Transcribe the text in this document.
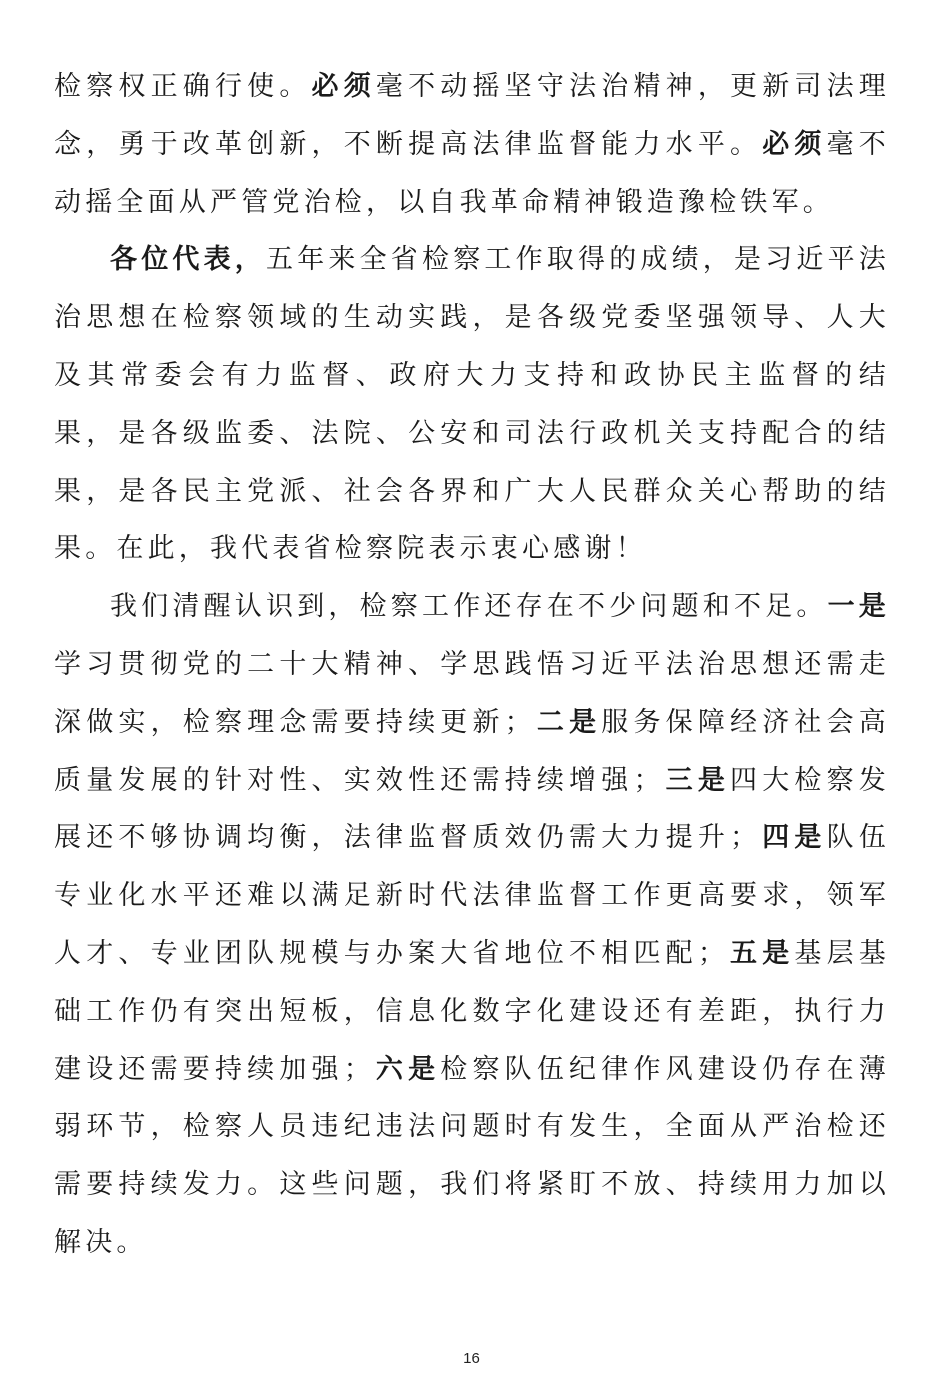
检察权正确行使。必须毫不动摇坚守法治精神，更新司法理念，勇于改革创新，不断提高法律监督能力水平。必须毫不动摇全面从严管党治检，以自我革命精神锻造豫检铁军。

各位代表，五年来全省检察工作取得的成绩，是习近平法治思想在检察领域的生动实践，是各级党委坚强领导、人大及其常委会有力监督、政府大力支持和政协民主监督的结果，是各级监委、法院、公安和司法行政机关支持配合的结果，是各民主党派、社会各界和广大人民群众关心帮助的结果。在此，我代表省检察院表示衷心感谢！

我们清醒认识到，检察工作还存在不少问题和不足。一是学习贯彻党的二十大精神、学思践悟习近平法治思想还需走深做实，检察理念需要持续更新；二是服务保障经济社会高质量发展的针对性、实效性还需持续增强；三是四大检察发展还不够协调均衡，法律监督质效仍需大力提升；四是队伍专业化水平还难以满足新时代法律监督工作更高要求，领军人才、专业团队规模与办案大省地位不相匹配；五是基层基础工作仍有突出短板，信息化数字化建设还有差距，执行力建设还需要持续加强；六是检察队伍纪律作风建设仍存在薄弱环节，检察人员违纪违法问题时有发生，全面从严治检还需要持续发力。这些问题，我们将紧盯不放、持续用力加以解决。

16
